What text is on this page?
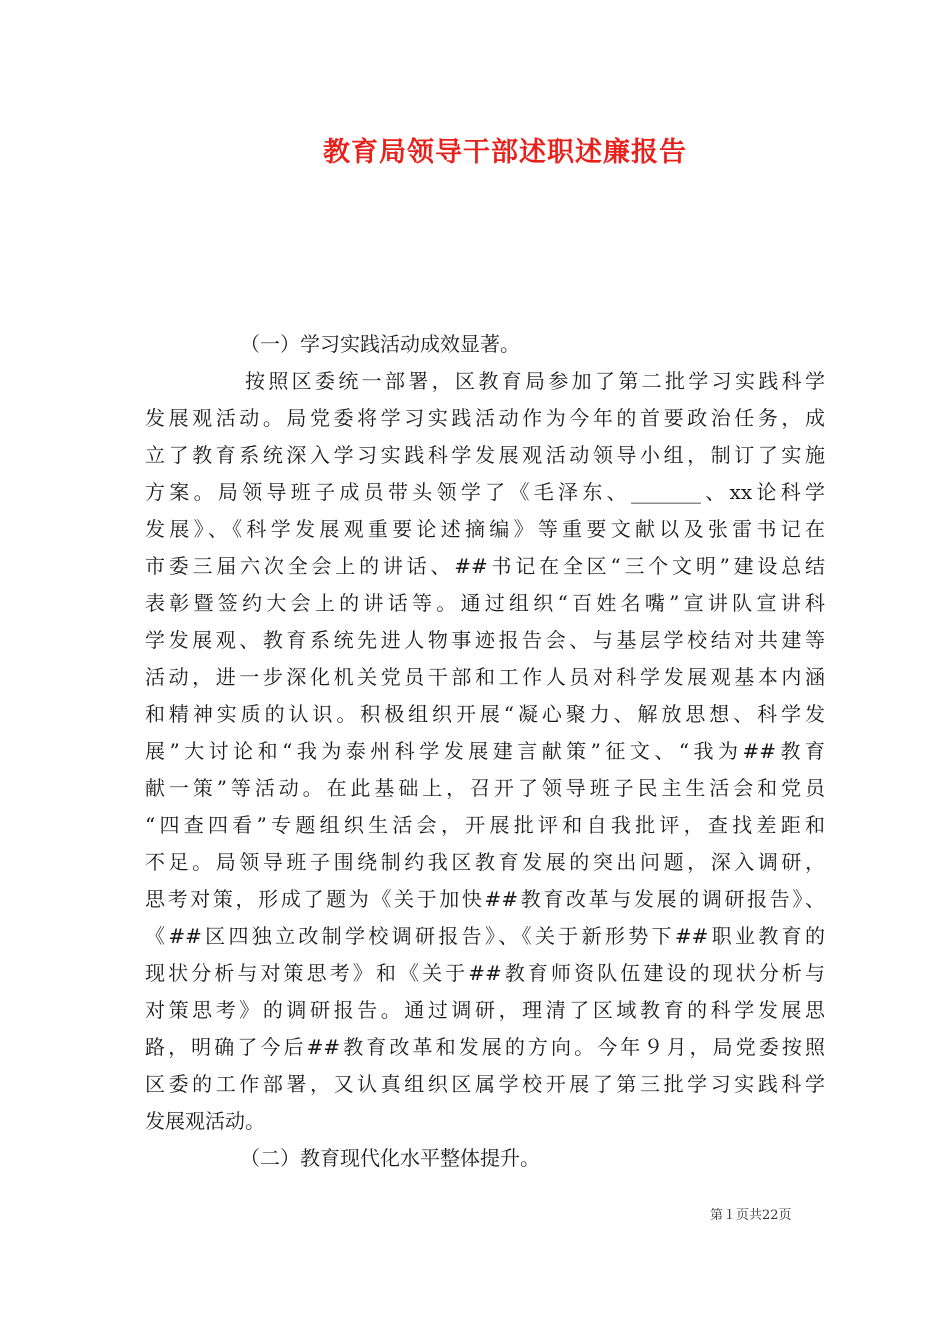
教育局领导干部述职述廉报告
（一）学习实践活动成效显著。
按照区委统一部署，区教育局参加了第二批学习实践科学
发展观活动。局党委将学习实践活动作为今年的首要政治任务，成
立了教育系统深入学习实践科学发展观活动领导小组，制订了实施
方案。局领导班子成员带头领学了《毛泽东、_______、xx论科学
发展》、《科学发展观重要论述摘编》等重要文献以及张雷书记在
市委三届六次全会上的讲话、##书记在全区“三个文明”建设总结
表彰暨签约大会上的讲话等。通过组织“百姓名嘴”宣讲队宣讲科
学发展观、教育系统先进人物事迹报告会、与基层学校结对共建等
活动，进一步深化机关党员干部和工作人员对科学发展观基本内涵
和精神实质的认识。积极组织开展“凝心聚力、解放思想、科学发
展”大讨论和“我为泰州科学发展建言献策”征文、“我为##教育
献一策”等活动。在此基础上，召开了领导班子民主生活会和党员
“四查四看”专题组织生活会，开展批评和自我批评，查找差距和
不足。局领导班子围绕制约我区教育发展的突出问题，深入调研，
思考对策，形成了题为《关于加快##教育改革与发展的调研报告》、
《##区四独立改制学校调研报告》、《关于新形势下##职业教育的
现状分析与对策思考》和《关于##教育师资队伍建设的现状分析与
对策思考》的调研报告。通过调研，理清了区域教育的科学发展思
路，明确了今后##教育改革和发展的方向。今年９月，局党委按照
区委的工作部署，又认真组织区属学校开展了第三批学习实践科学
发展观活动。
（二）教育现代化水平整体提升。
第１页共22页
